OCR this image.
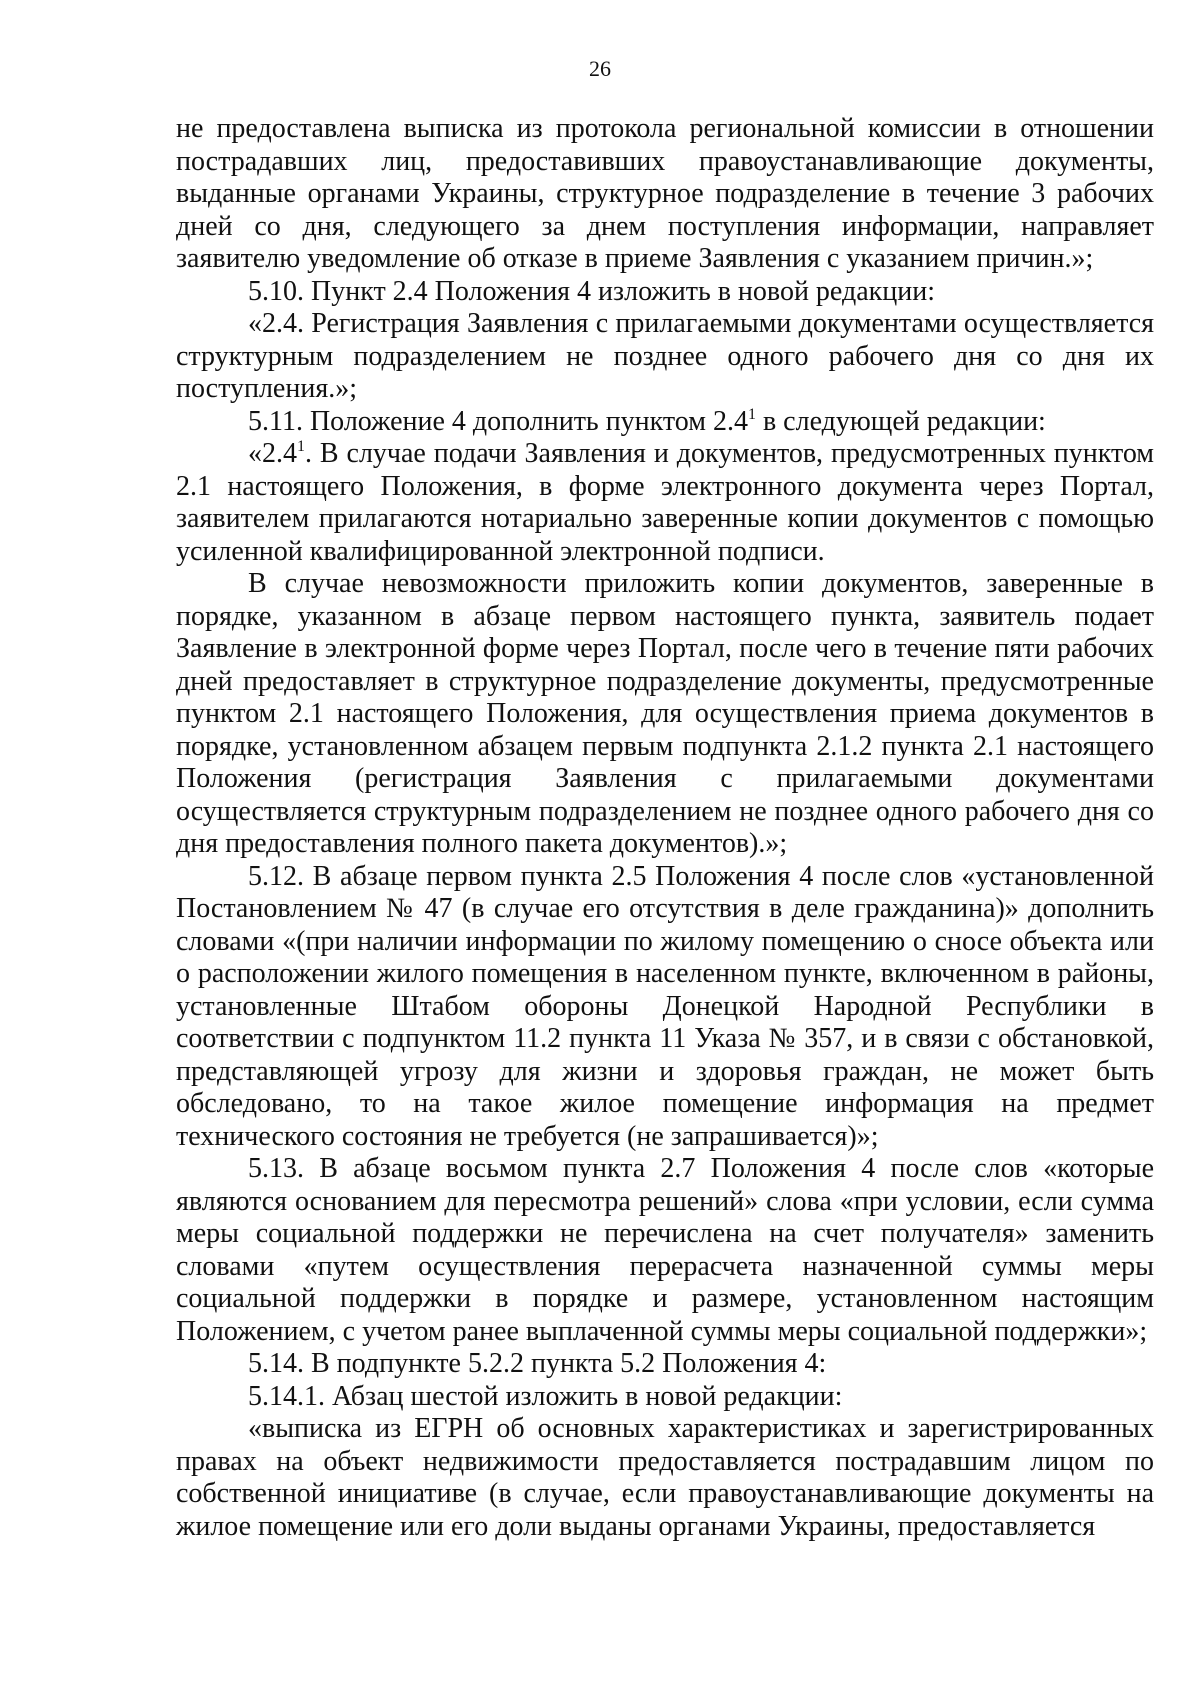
26

не предоставлена выписка из протокола региональной комиссии в отношении пострадавших лиц, предоставивших правоустанавливающие документы, выданные органами Украины, структурное подразделение в течение 3 рабочих дней со дня, следующего за днем поступления информации, направляет заявителю уведомление об отказе в приеме Заявления с указанием причин.»;

5.10. Пункт 2.4 Положения 4 изложить в новой редакции:

«2.4. Регистрация Заявления с прилагаемыми документами осуществляется структурным подразделением не позднее одного рабочего дня со дня их поступления.»;

5.11. Положение 4 дополнить пунктом $2.4^1$ в следующей редакции:

«$2.4^1$. В случае подачи Заявления и документов, предусмотренных пунктом 2.1 настоящего Положения, в форме электронного документа через Портал, заявителем прилагаются нотариально заверенные копии документов с помощью усиленной квалифицированной электронной подписи.

В случае невозможности приложить копии документов, заверенные в порядке, указанном в абзаце первом настоящего пункта, заявитель подает Заявление в электронной форме через Портал, после чего в течение пяти рабочих дней предоставляет в структурное подразделение документы, предусмотренные пунктом 2.1 настоящего Положения, для осуществления приема документов в порядке, установленном абзацем первым подпункта 2.1.2 пункта 2.1 настоящего Положения (регистрация Заявления с прилагаемыми документами осуществляется структурным подразделением не позднее одного рабочего дня со дня предоставления полного пакета документов).»;

5.12. В абзаце первом пункта 2.5 Положения 4 после слов «установленной Постановлением № 47 (в случае его отсутствия в деле гражданина)» дополнить словами «(при наличии информации по жилому помещению о сносе объекта или о расположении жилого помещения в населенном пункте, включенном в районы, установленные Штабом обороны Донецкой Народной Республики в соответствии с подпунктом 11.2 пункта 11 Указа № 357, и в связи с обстановкой, представляющей угрозу для жизни и здоровья граждан, не может быть обследовано, то на такое жилое помещение информация на предмет технического состояния не требуется (не запрашивается)»;

5.13. В абзаце восьмом пункта 2.7 Положения 4 после слов «которые являются основанием для пересмотра решений» слова «при условии, если сумма меры социальной поддержки не перечислена на счет получателя» заменить словами «путем осуществления перерасчета назначенной суммы меры социальной поддержки в порядке и размере, установленном настоящим Положением, с учетом ранее выплаченной суммы меры социальной поддержки»;

5.14. В подпункте 5.2.2 пункта 5.2 Положения 4:

5.14.1. Абзац шестой изложить в новой редакции:

«выписка из ЕГРН об основных характеристиках и зарегистрированных правах на объект недвижимости предоставляется пострадавшим лицом по собственной инициативе (в случае, если правоустанавливающие документы на жилое помещение или его доли выданы органами Украины, предоставляется
